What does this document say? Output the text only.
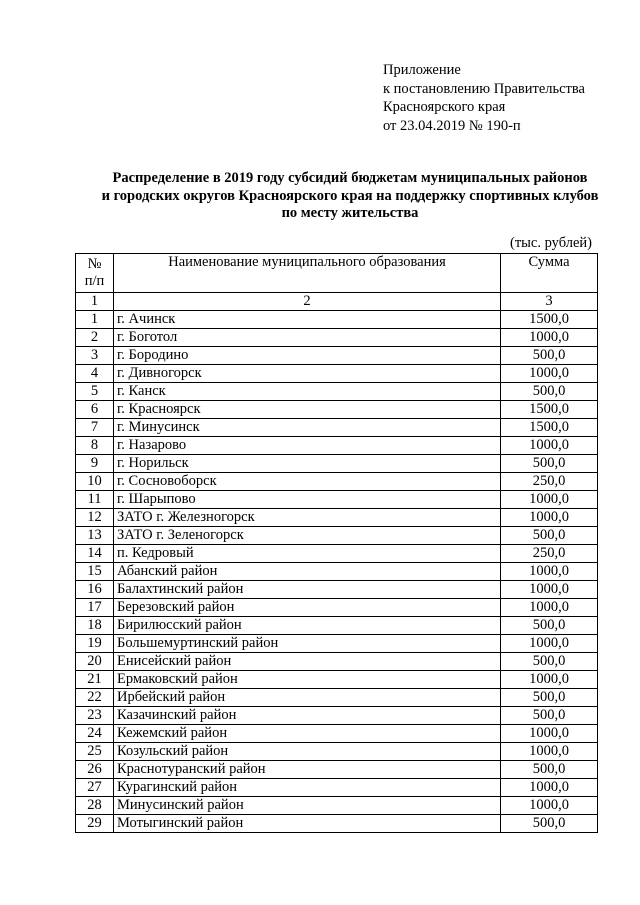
Приложение
к постановлению Правительства
Красноярского края
от 23.04.2019 № 190-п
Распределение в 2019 году субсидий бюджетам муниципальных районов
и городских округов Красноярского края на поддержку спортивных клубов
по месту жительства
(тыс. рублей)
№
п/п	Наименование муниципального образования	Сумма
1	2	3
1	г. Ачинск	1500,0
2	г. Боготол	1000,0
3	г. Бородино	500,0
4	г. Дивногорск	1000,0
5	г. Канск	500,0
6	г. Красноярск	1500,0
7	г. Минусинск	1500,0
8	г. Назарово	1000,0
9	г. Норильск	500,0
10	г. Сосновоборск	250,0
11	г. Шарыпово	1000,0
12	ЗАТО г. Железногорск	1000,0
13	ЗАТО г. Зеленогорск	500,0
14	п. Кедровый	250,0
15	Абанский район	1000,0
16	Балахтинский район	1000,0
17	Березовский район	1000,0
18	Бирилюсский район	500,0
19	Большемуртинский район	1000,0
20	Енисейский район	500,0
21	Ермаковский район	1000,0
22	Ирбейский район	500,0
23	Казачинский район	500,0
24	Кежемский район	1000,0
25	Козульский район	1000,0
26	Краснотуранский район	500,0
27	Курагинский район	1000,0
28	Минусинский район	1000,0
29	Мотыгинский район	500,0
